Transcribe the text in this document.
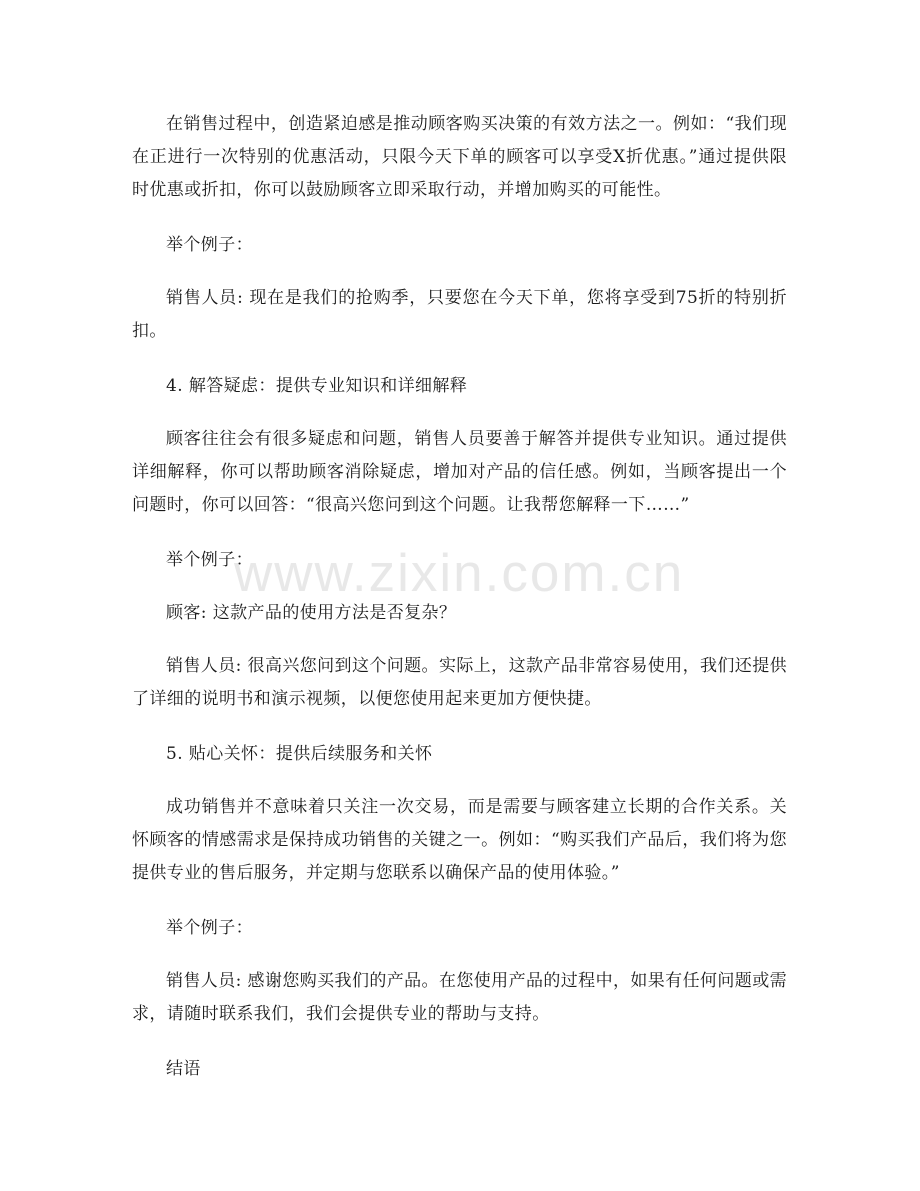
在销售过程中，创造紧迫感是推动顾客购买决策的有效方法之一。例如：“我们现在正进行一次特别的优惠活动，只限今天下单的顾客可以享受X折优惠。”通过提供限时优惠或折扣，你可以鼓励顾客立即采取行动，并增加购买的可能性。

举个例子：

销售人员: 现在是我们的抢购季，只要您在今天下单，您将享受到75折的特别折扣。

4. 解答疑虑：提供专业知识和详细解释

顾客往往会有很多疑虑和问题，销售人员要善于解答并提供专业知识。通过提供详细解释，你可以帮助顾客消除疑虑，增加对产品的信任感。例如，当顾客提出一个问题时，你可以回答：“很高兴您问到这个问题。让我帮您解释一下……”

举个例子：

顾客: 这款产品的使用方法是否复杂？

销售人员: 很高兴您问到这个问题。实际上，这款产品非常容易使用，我们还提供了详细的说明书和演示视频，以便您使用起来更加方便快捷。

5. 贴心关怀：提供后续服务和关怀

成功销售并不意味着只关注一次交易，而是需要与顾客建立长期的合作关系。关怀顾客的情感需求是保持成功销售的关键之一。例如：“购买我们产品后，我们将为您提供专业的售后服务，并定期与您联系以确保产品的使用体验。”

举个例子：

销售人员: 感谢您购买我们的产品。在您使用产品的过程中，如果有任何问题或需求，请随时联系我们，我们会提供专业的帮助与支持。

结语

www.zixin.com.cn
